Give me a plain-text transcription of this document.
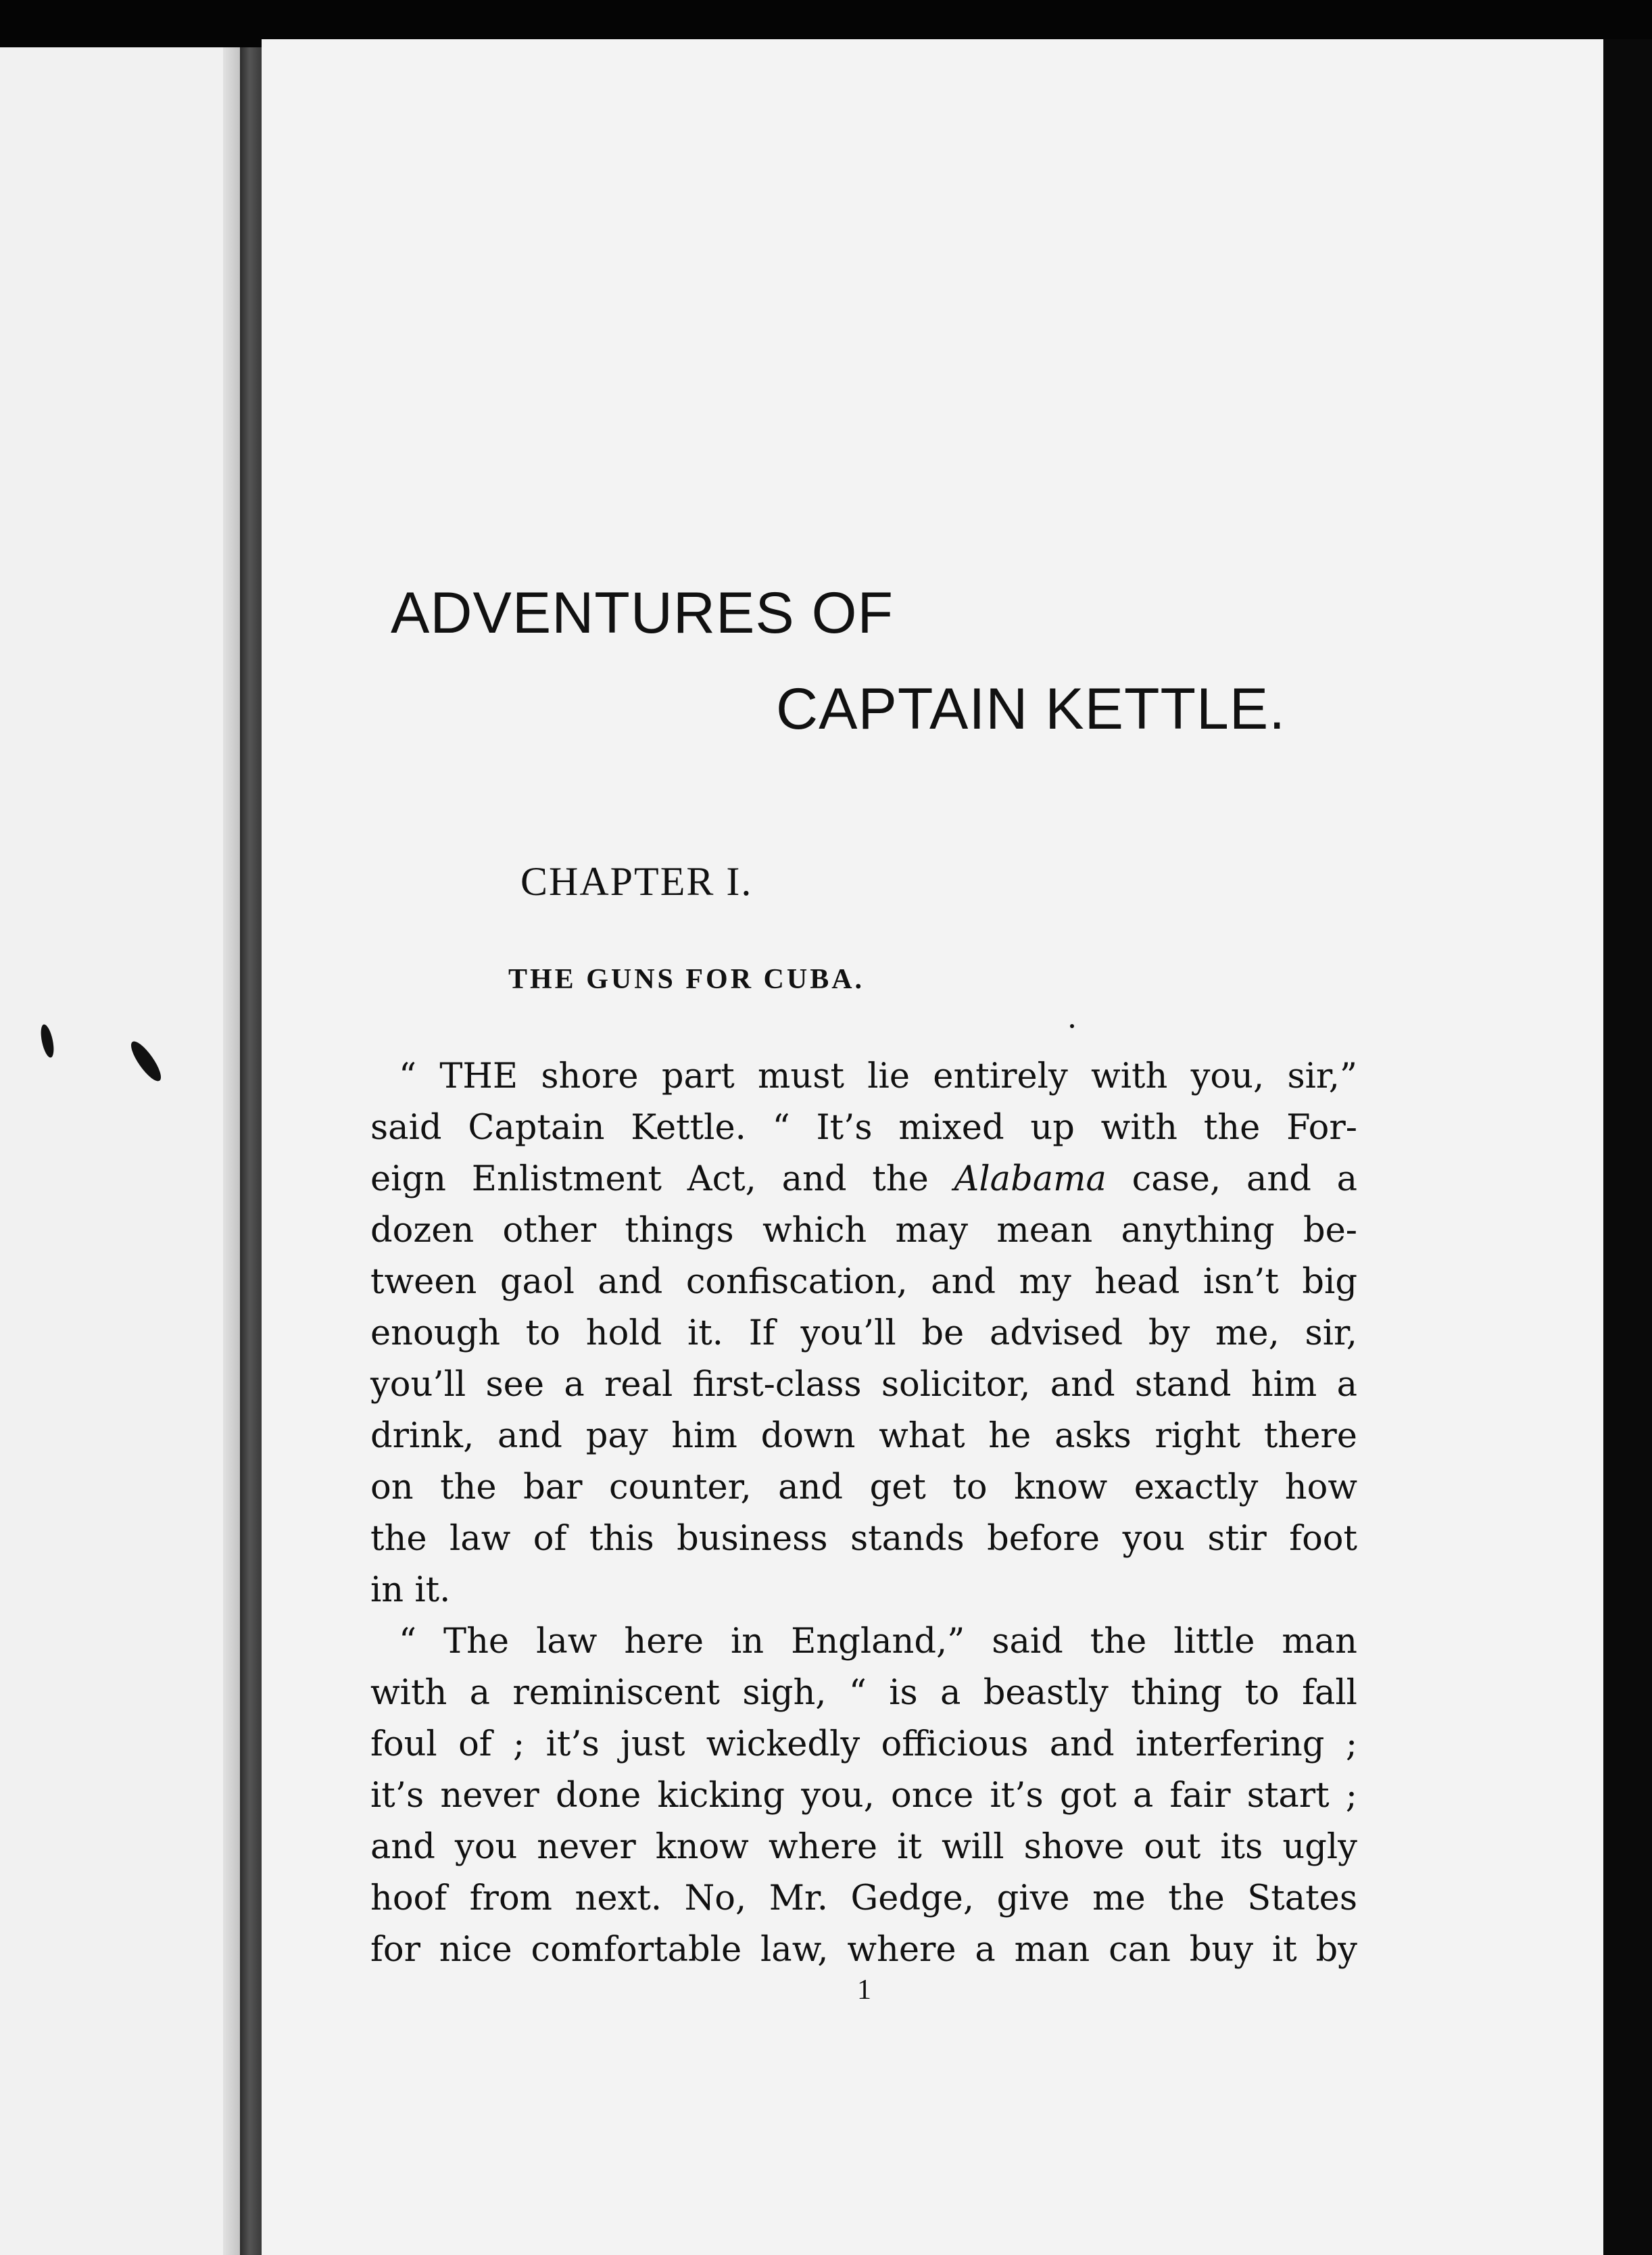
ADVENTURES OF
CAPTAIN KETTLE.
CHAPTER I.
THE GUNS FOR CUBA.
“ THE shore part must lie entirely with you, sir,”
said Captain Kettle. “ It’s mixed up with the For-
eign Enlistment Act, and the Alabama case, and a
dozen other things which may mean anything be-
tween gaol and confiscation, and my head isn’t big
enough to hold it. If you’ll be advised by me, sir,
you’ll see a real first-class solicitor, and stand him a
drink, and pay him down what he asks right there
on the bar counter, and get to know exactly how
the law of this business stands before you stir foot
in it.
“ The law here in England,” said the little man
with a reminiscent sigh, “ is a beastly thing to fall
foul of ; it’s just wickedly officious and interfering ;
it’s never done kicking you, once it’s got a fair start ;
and you never know where it will shove out its ugly
hoof from next. No, Mr. Gedge, give me the States
for nice comfortable law, where a man can buy it by
1
